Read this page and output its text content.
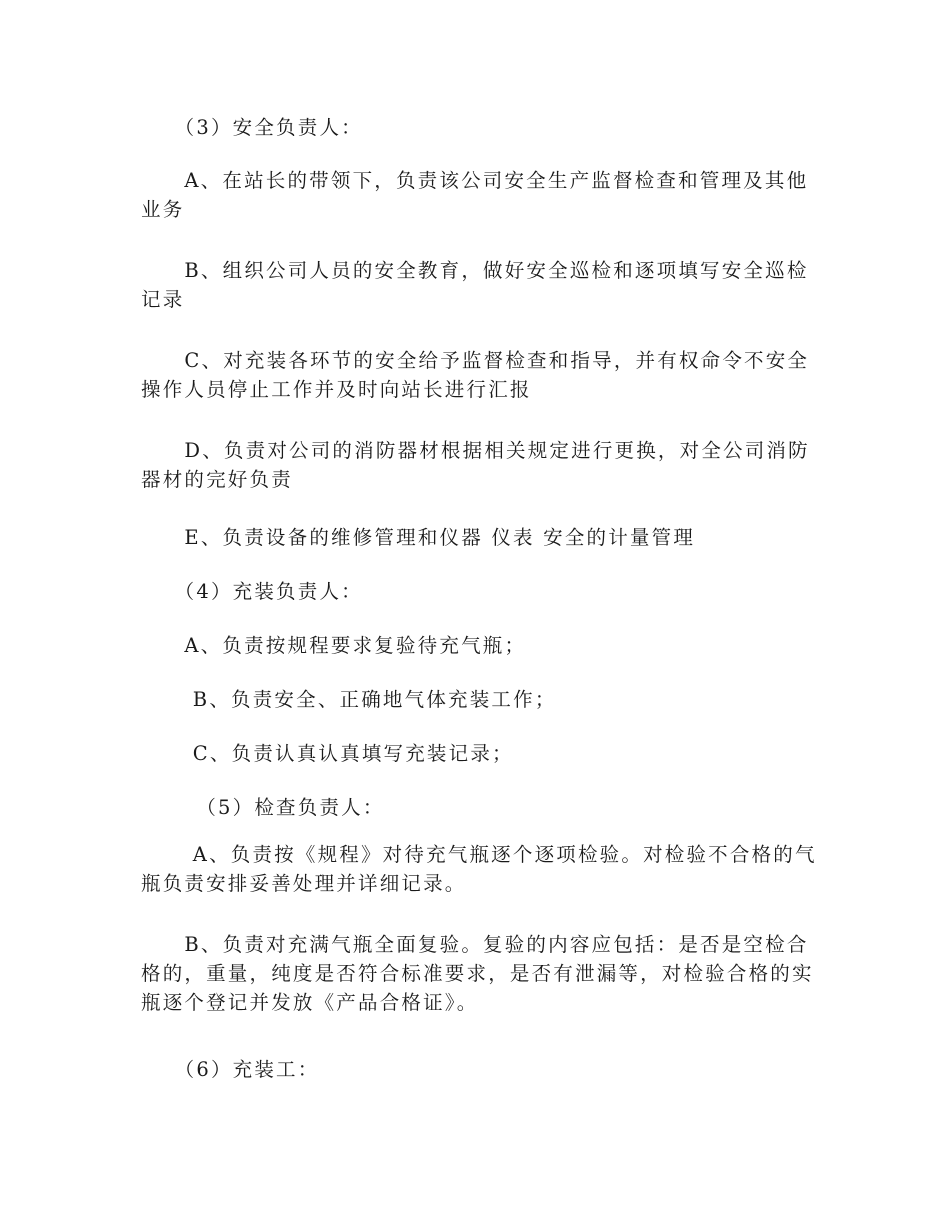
　　（3）安全负责人：

　　A、在站长的带领下，负责该公司安全生产监督检查和管理及其他业务

　　B、组织公司人员的安全教育，做好安全巡检和逐项填写安全巡检记录

　　C、对充装各环节的安全给予监督检查和指导，并有权命令不安全操作人员停止工作并及时向站长进行汇报

　　D、负责对公司的消防器材根据相关规定进行更换，对全公司消防器材的完好负责

　　E、负责设备的维修管理和仪器 仪表 安全的计量管理

　　（4）充装负责人：

　　A、负责按规程要求复验待充气瓶；

　　 B、负责安全、正确地气体充装工作；

　　 C、负责认真认真填写充装记录；

　　　（5）检查负责人：

　　 A、负责按《规程》对待充气瓶逐个逐项检验。对检验不合格的气瓶负责安排妥善处理并详细记录。

　　B、负责对充满气瓶全面复验。复验的内容应包括：是否是空检合格的，重量，纯度是否符合标准要求，是否有泄漏等，对检验合格的实瓶逐个登记并发放《产品合格证》。

　　（6）充装工：
